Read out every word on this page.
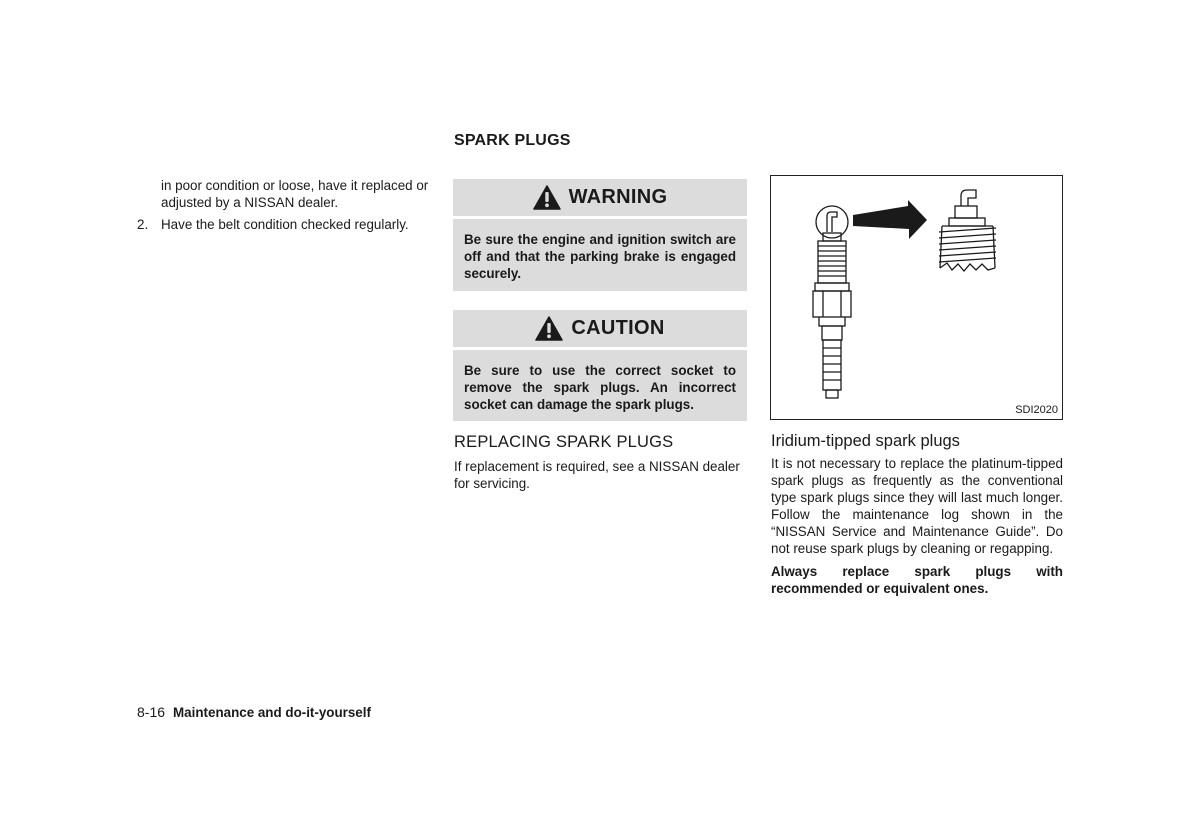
in poor condition or loose, have it replaced or adjusted by a NISSAN dealer.
2. Have the belt condition checked regularly.
SPARK PLUGS
WARNING
Be sure the engine and ignition switch are off and that the parking brake is engaged securely.
CAUTION
Be sure to use the correct socket to remove the spark plugs. An incorrect socket can damage the spark plugs.
REPLACING SPARK PLUGS
If replacement is required, see a NISSAN dealer for servicing.
SDI2020
Iridium-tipped spark plugs
It is not necessary to replace the platinum-tipped spark plugs as frequently as the conventional type spark plugs since they will last much longer. Follow the maintenance log shown in the “NISSAN Service and Maintenance Guide”. Do not reuse spark plugs by cleaning or regapping.
Always replace spark plugs with recommended or equivalent ones.
8-16 Maintenance and do-it-yourself
